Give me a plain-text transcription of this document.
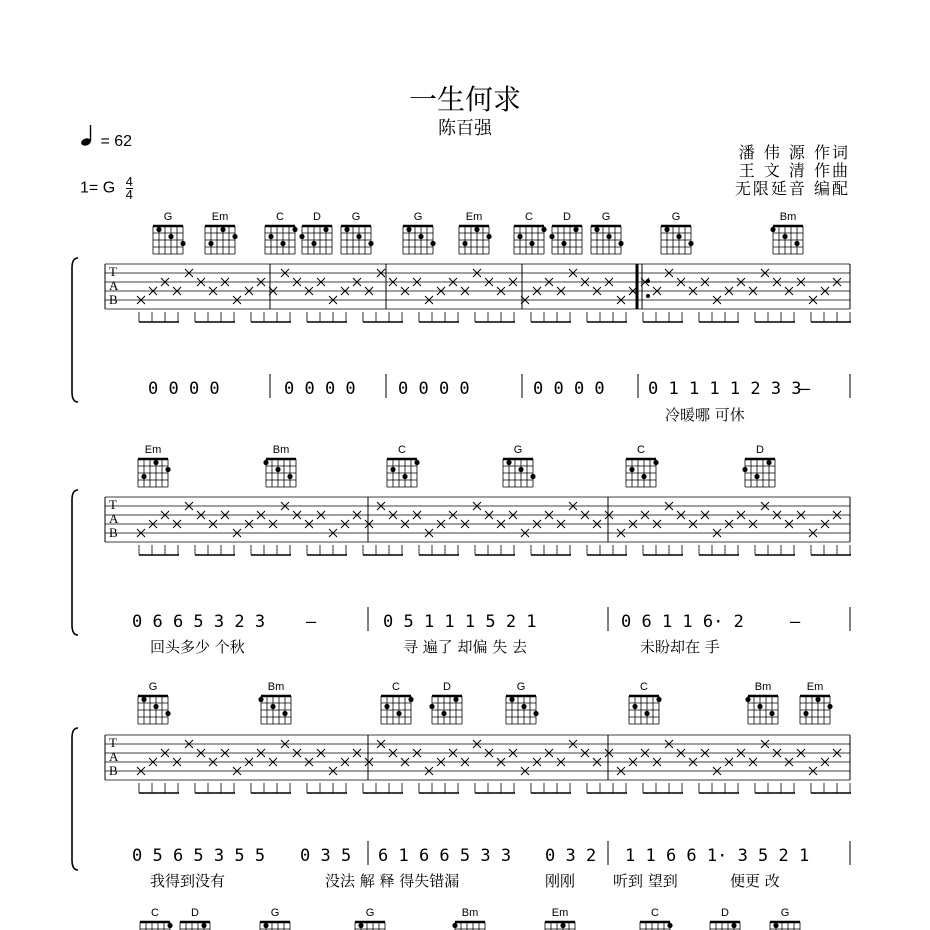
一生何求
陈百强
= 62
1= G $\frac{4}{4}$
潘 伟 源 作词
王 文 清 作曲
无限延音 编配
G	Em	C	D	G	G	Em	C	D	G	G	Bm
T
A
B
0 0 0 0	0 0 0 0 0 0 0 0	0 0 0 0	0 1 1 1 1 2 3 3
—
冷暖哪 可休
Em	Bm	C	G	C	D
T
A
B
0 6 6 5 3 2 3 —	0 5 1 1 1 5 2 1	0 6 1 1 6· 2	—
回头多少 个秋	寻 遍了 却偏 失 去	未盼却在 手
G	Bm	C	D	G	C	Bm	Em
T
A
B
0 5 6 5 3 5 5 0 3 5 6 1 6 6 5 3 3 0 3 2 1 1 6 6 1· 3 5 2 1
我得到没有	没法 解 释 得失错漏	刚刚	听到 望到	便更 改
C	D	G	G	Bm	Em	C	D	G
